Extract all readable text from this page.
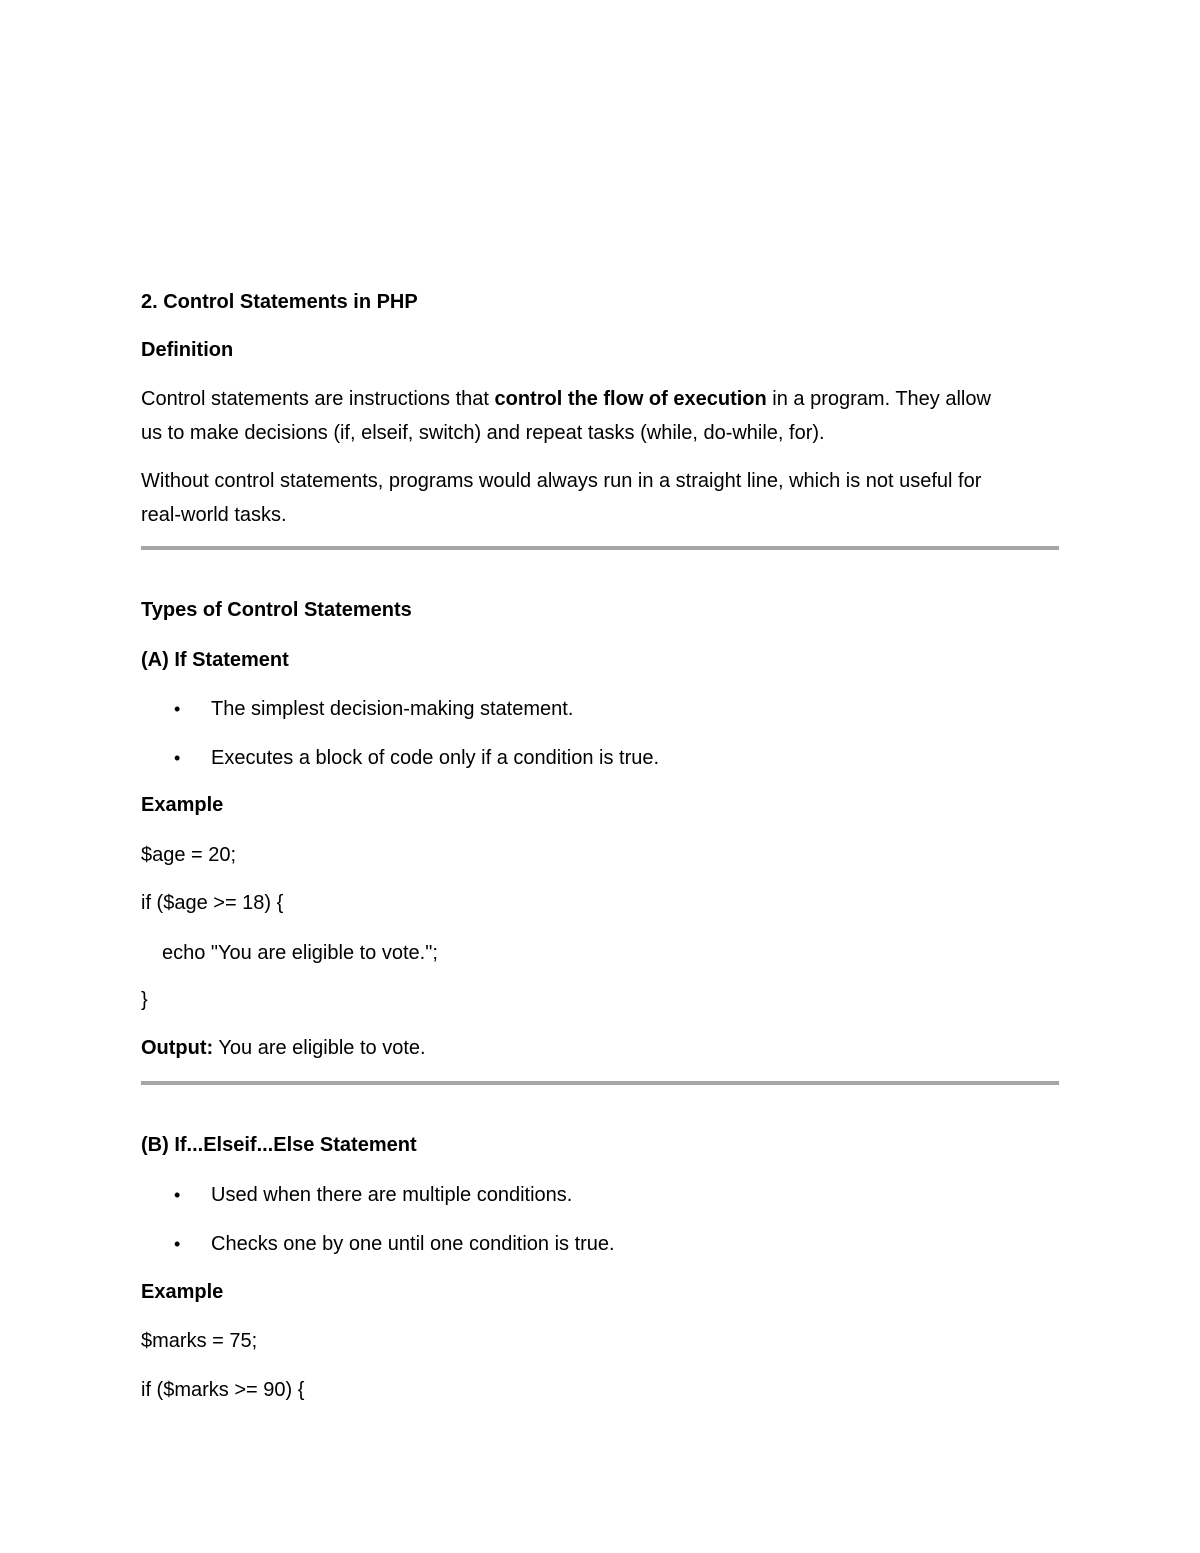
2. Control Statements in PHP
Definition
Control statements are instructions that control the flow of execution in a program. They allow
us to make decisions (if, elseif, switch) and repeat tasks (while, do-while, for).
Without control statements, programs would always run in a straight line, which is not useful for
real-world tasks.
Types of Control Statements
(A) If Statement
• The simplest decision-making statement.
• Executes a block of code only if a condition is true.
Example
$age = 20;
if ($age >= 18) {
echo "You are eligible to vote.";
}
Output: You are eligible to vote.
(B) If...Elseif...Else Statement
• Used when there are multiple conditions.
• Checks one by one until one condition is true.
Example
$marks = 75;
if ($marks >= 90) {
